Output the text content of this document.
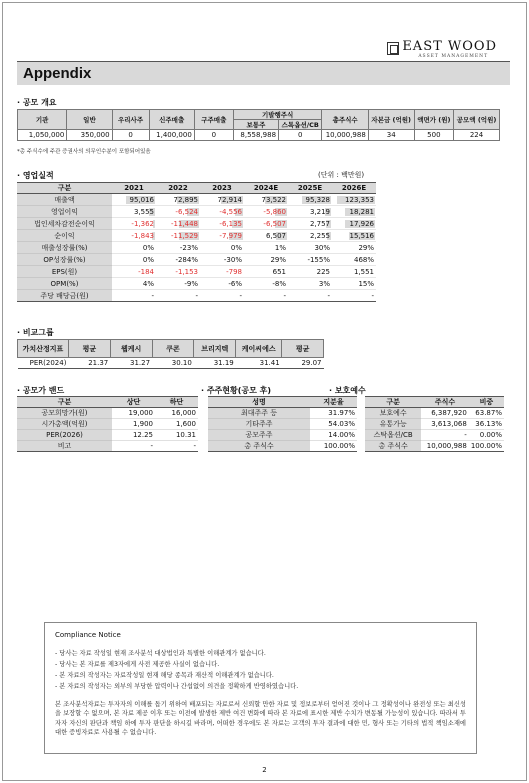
EAST WOOD
ASSET MANAGEMENT
Appendix
· 공모 개요
기관	일반	우리사주	신주매출	구주매출	기발행주식		총주식수	자본금 (억원)	액면가 (원)	공모액 (억원)
					보통주	스톡옵션/CB				
1,050,000	350,000	0	1,400,000	0	8,558,988	0	10,000,988	34	500	224
*총 주식수에 주관 증권사의 의무인수분이 포함되어있음
· 영업실적	(단위 : 백만원)
구분	2021	2022	2023	2024E	2025E	2026E
매출액	95,016	72,895	72,914	73,522	95,328	123,353
영업이익	3,555	-6,524	-4,556	-5,860	3,219	18,281
법인세차감전순이익	-1,362	-11,448	-6,135	-6,507	2,757	17,926
순이익	-1,843	-11,529	-7,979	6,507	2,255	15,516
매출성장률(%)	0%	-23%	0%	1%	30%	29%
OP성장률(%)	0%	-284%	-30%	29%	-155%	468%
EPS(원)	-184	-1,153	-798	651	225	1,551
OPM(%)	4%	-9%	-6%	-8%	3%	15%
주당 배당금(원)	-	-	-	-	-	-
· 비교그룹
가치산정지표	평균	웹케시	쿠콘	브리지텍	케이씨에스	평균
PER(2024)	21.37	31.27	30.10	31.19	31.41	29.07
· 공모가 밴드	· 주주현황(공모 후)	· 보호예수
구분	상단	하단
공모희망가(원)	19,000	16,000
시가총액(억원)	1,900	1,600
PER(2026)	12.25	10.31
비고	-	-
성명	지분율
최대주주 등	31.97%
기타주주	54.03%
공모주주	14.00%
총 주식수	100.00%
구분	주식수	비중
보호예수	6,387,920	63.87%
유통가능	3,613,068	36.13%
스탁옵션/CB	-	0.00%
총 주식수	10,000,988	100.00%
Compliance Notice
- 당사는 자료 작성일 현재 조사분석 대상법인과 특별한 이해관계가 없습니다.
- 당사는 본 자료를 제3자에게 사전 제공한 사실이 없습니다.
- 본 자료의 작성자는 자료작성일 현재 해당 종목과 재산적 이해관계가 없습니다.
- 본 자료의 작성자는 외부의 부당한 압력이나 간섭없이 의견을 정확하게 반영하였습니다.
본 조사분석자료는 투자자의 이해를 돕기 위하여 배포되는 자료로서 신뢰할 만한 자료 및 정보로부터 얻어진 것이나 그 정확성이나 완전성 또는 최신성을 보장할 수 없으며, 본 자료 제공 이후 또는 이전에 발생한 제반 여건 변화에 따라 본 자료에 표시한 제반 수치가 변동될 가능성이 있습니다. 따라서 투자자 자신의 판단과 책임 하에 투자 판단을 하시길 바라며, 어떠한 경우에도 본 자료는 고객의 투자 결과에 대한 민, 형사 또는 기타의 법적 책임소재에 대한 증빙자료로 사용될 수 없습니다.
2
